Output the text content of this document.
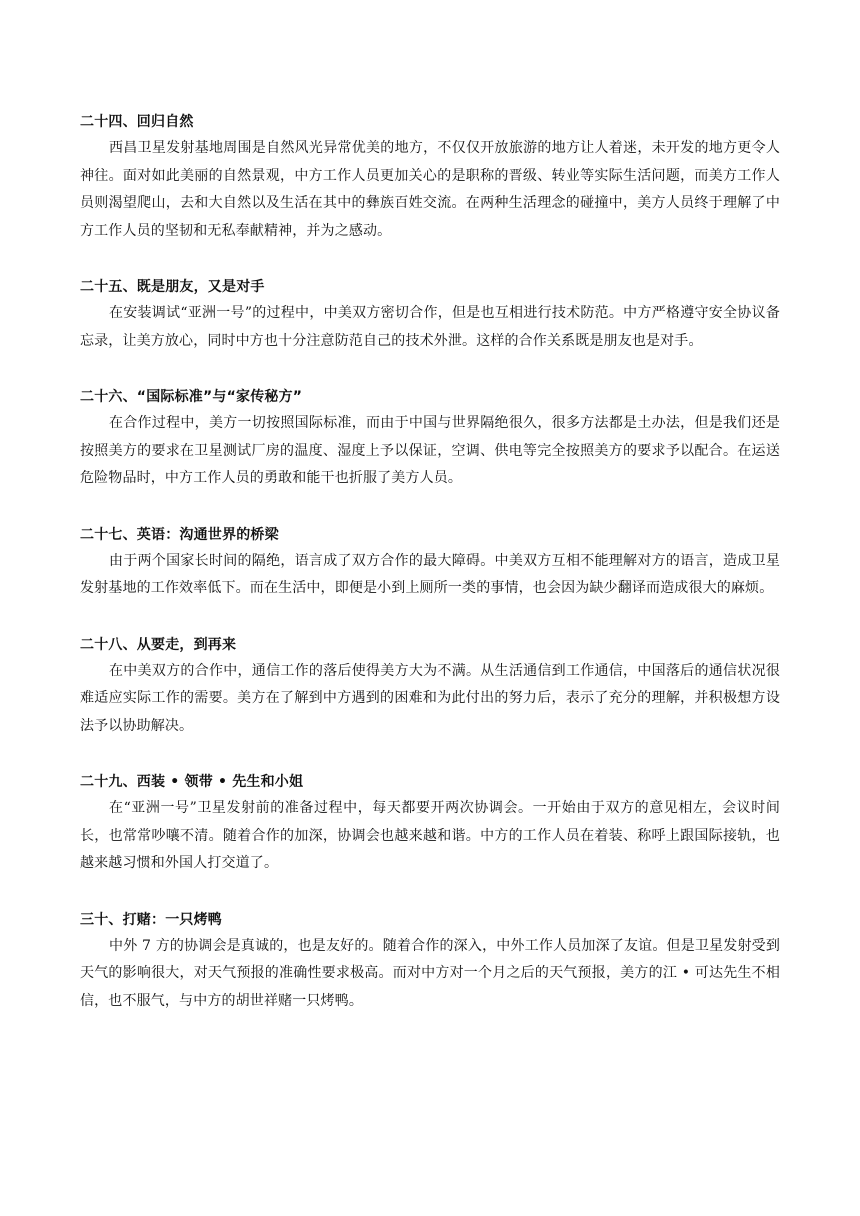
二十四、回归自然

西昌卫星发射基地周围是自然风光异常优美的地方，不仅仅开放旅游的地方让人着迷，未开发的地方更令人神往。面对如此美丽的自然景观，中方工作人员更加关心的是职称的晋级、转业等实际生活问题，而美方工作人员则渴望爬山，去和大自然以及生活在其中的彝族百姓交流。在两种生活理念的碰撞中，美方人员终于理解了中方工作人员的坚韧和无私奉献精神，并为之感动。

二十五、既是朋友，又是对手

在安装调试“亚洲一号”的过程中，中美双方密切合作，但是也互相进行技术防范。中方严格遵守安全协议备忘录，让美方放心，同时中方也十分注意防范自己的技术外泄。这样的合作关系既是朋友也是对手。

二十六、“国际标准”与“家传秘方”

在合作过程中，美方一切按照国际标准，而由于中国与世界隔绝很久，很多方法都是土办法，但是我们还是按照美方的要求在卫星测试厂房的温度、湿度上予以保证，空调、供电等完全按照美方的要求予以配合。在运送危险物品时，中方工作人员的勇敢和能干也折服了美方人员。

二十七、英语：沟通世界的桥梁

由于两个国家长时间的隔绝，语言成了双方合作的最大障碍。中美双方互相不能理解对方的语言，造成卫星发射基地的工作效率低下。而在生活中，即便是小到上厕所一类的事情，也会因为缺少翻译而造成很大的麻烦。

二十八、从要走，到再来

在中美双方的合作中，通信工作的落后使得美方大为不满。从生活通信到工作通信，中国落后的通信状况很难适应实际工作的需要。美方在了解到中方遇到的困难和为此付出的努力后，表示了充分的理解，并积极想方设法予以协助解决。

二十九、西装 • 领带 • 先生和小姐

在“亚洲一号”卫星发射前的准备过程中，每天都要开两次协调会。一开始由于双方的意见相左，会议时间长，也常常吵嚷不清。随着合作的加深，协调会也越来越和谐。中方的工作人员在着装、称呼上跟国际接轨，也越来越习惯和外国人打交道了。

三十、打赌：一只烤鸭

中外 7 方的协调会是真诚的，也是友好的。随着合作的深入，中外工作人员加深了友谊。但是卫星发射受到天气的影响很大，对天气预报的准确性要求极高。而对中方对一个月之后的天气预报，美方的江 • 可达先生不相信，也不服气，与中方的胡世祥赌一只烤鸭。
